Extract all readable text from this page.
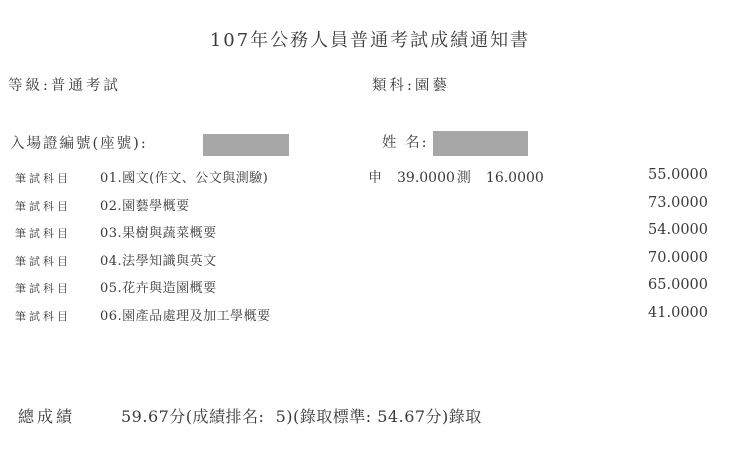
107年公務人員普通考試成績通知書
等級:普通考試	類科:園藝
入場證編號(座號):	姓 名:
筆試科目 01.國文(作文、公文與測驗)	申 39.0000 測 16.0000	55.0000
筆試科目 02.園藝學概要	73.0000
筆試科目 03.果樹與蔬菜概要	54.0000
筆試科目 04.法學知識與英文	70.0000
筆試科目 05.花卉與造園概要	65.0000
筆試科目 06.園產品處理及加工學概要	41.0000
總成績	59.67分(成績排名:  5)(錄取標準: 54.67分)錄取
